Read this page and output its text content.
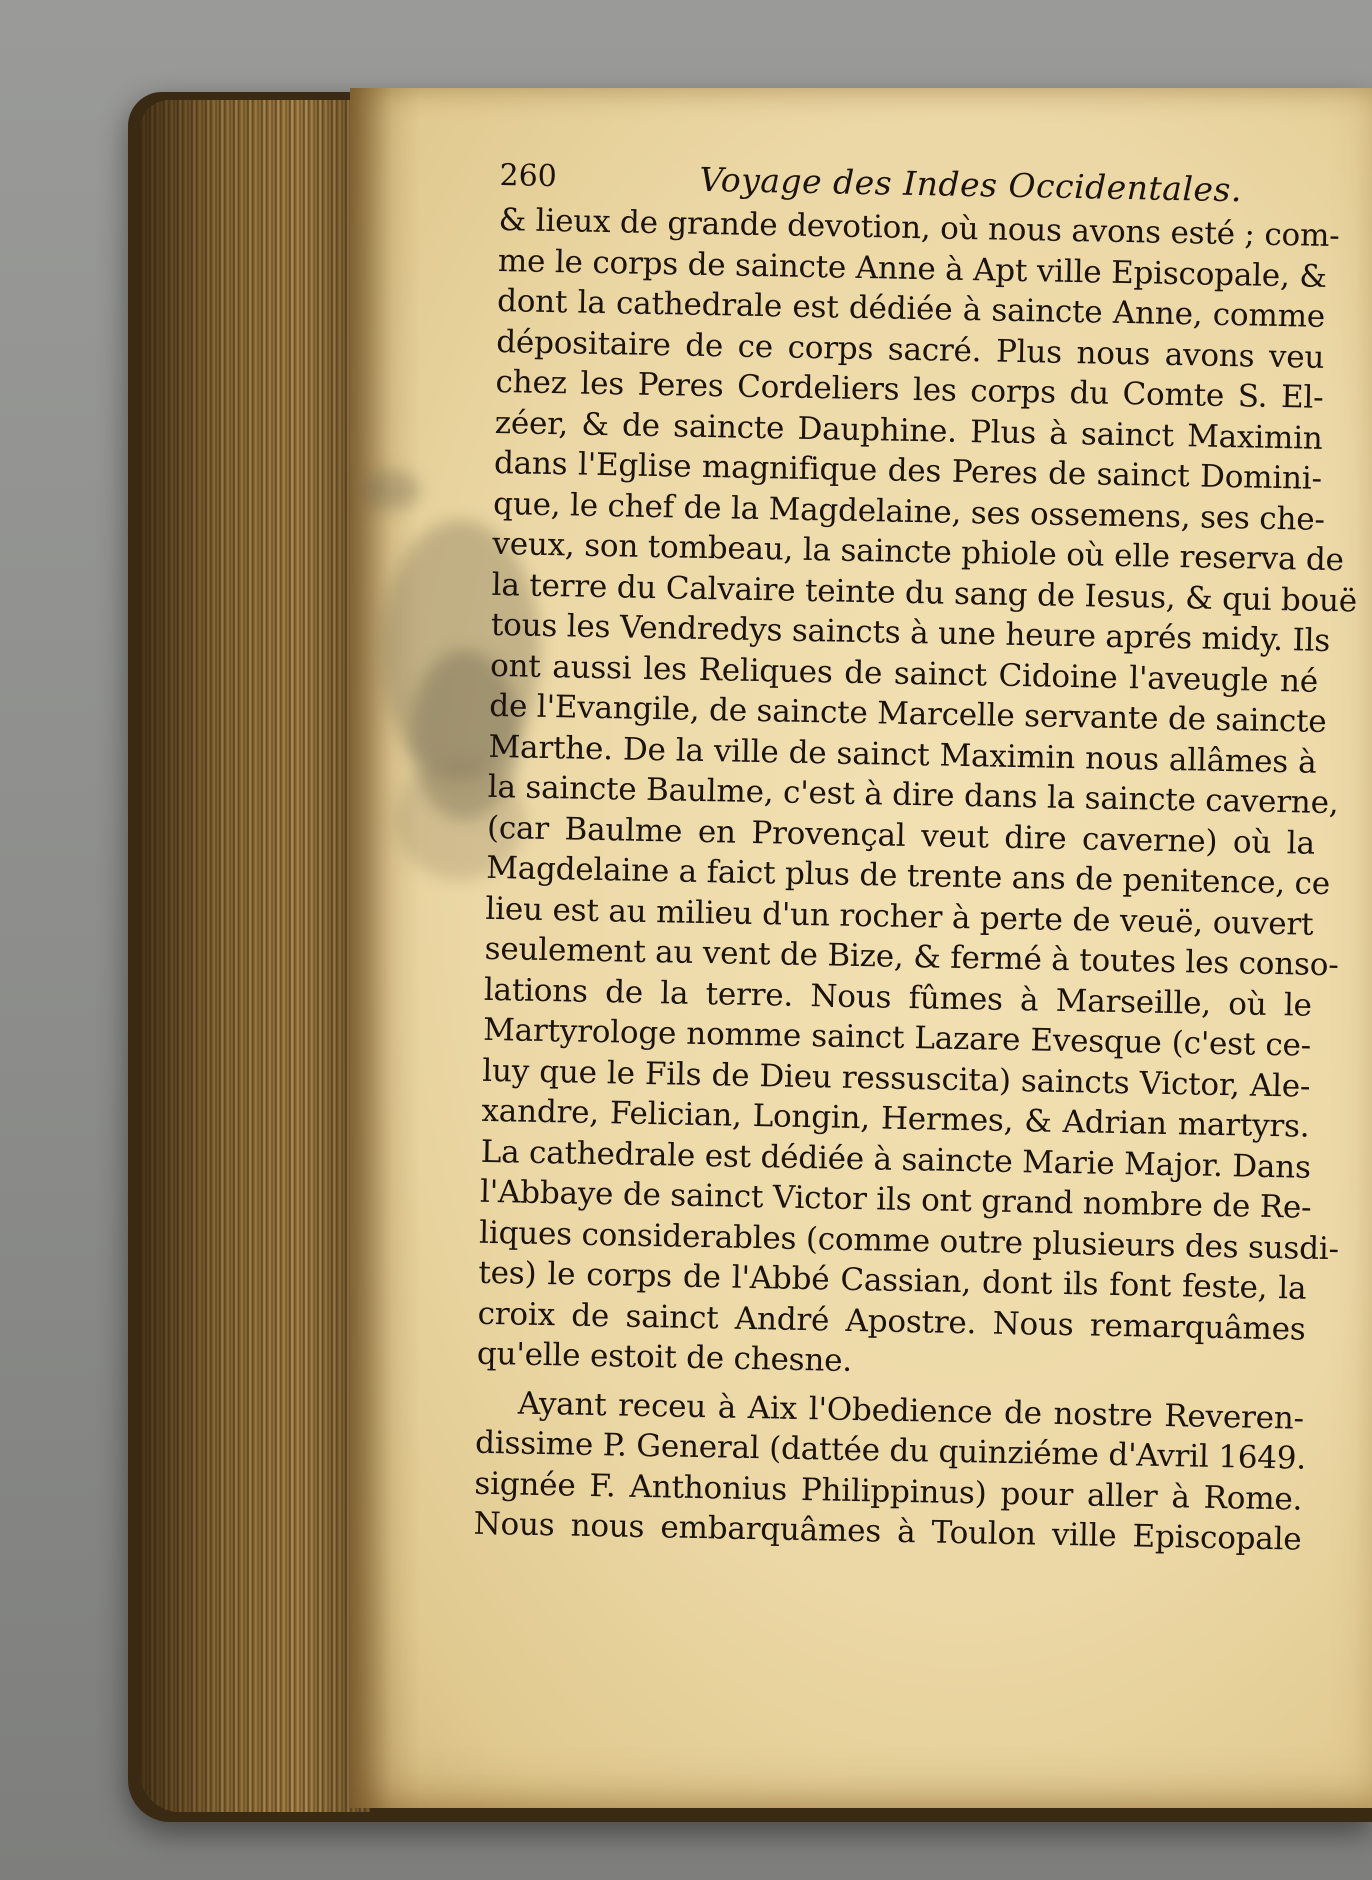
260	Voyage des Indes Occidentales.
& lieux de grande devotion, où nous avons esté ; com-
me le corps de saincte Anne à Apt ville Episcopale, &
dont la cathedrale est dédiée à saincte Anne, comme
dépositaire de ce corps sacré. Plus nous avons veu
chez les Peres Cordeliers les corps du Comte S. El-
zéer, & de saincte Dauphine. Plus à sainct Maximin
dans l'Eglise magnifique des Peres de sainct Domini-
que, le chef de la Magdelaine, ses ossemens, ses che-
veux, son tombeau, la saincte phiole où elle reserva de
la terre du Calvaire teinte du sang de Iesus, & qui bouë
tous les Vendredys saincts à une heure aprés midy. Ils
ont aussi les Reliques de sainct Cidoine l'aveugle né
de l'Evangile, de saincte Marcelle servante de saincte
Marthe. De la ville de sainct Maximin nous allâmes à
la saincte Baulme, c'est à dire dans la saincte caverne,
(car Baulme en Provençal veut dire caverne) où la
Magdelaine a faict plus de trente ans de penitence, ce
lieu est au milieu d'un rocher à perte de veuë, ouvert
seulement au vent de Bize, & fermé à toutes les conso-
lations de la terre. Nous fûmes à Marseille, où le
Martyrologe nomme sainct Lazare Evesque (c'est ce-
luy que le Fils de Dieu ressuscita) saincts Victor, Ale-
xandre, Felician, Longin, Hermes, & Adrian martyrs.
La cathedrale est dédiée à saincte Marie Major. Dans
l'Abbaye de sainct Victor ils ont grand nombre de Re-
liques considerables (comme outre plusieurs des susdi-
tes) le corps de l'Abbé Cassian, dont ils font feste, la
croix de sainct André Apostre. Nous remarquâmes
qu'elle estoit de chesne.
Ayant receu à Aix l'Obedience de nostre Reveren-
dissime P. General (dattée du quinziéme d'Avril 1649.
signée F. Anthonius Philippinus) pour aller à Rome.
Nous nous embarquâmes à Toulon ville Episcopale
